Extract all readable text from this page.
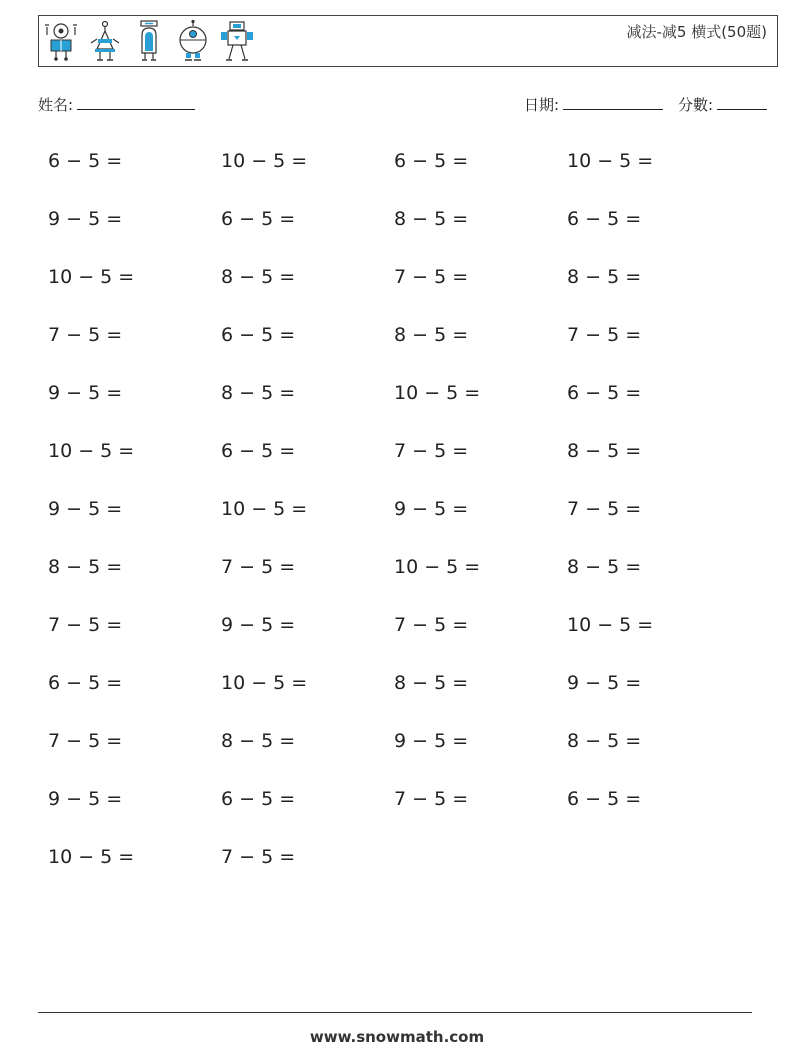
减法-减5 横式(50题)
姓名:	日期:	分數:
6 − 5 =	10 − 5 =	6 − 5 =	10 − 5 =
9 − 5 =	6 − 5 =	8 − 5 =	6 − 5 =
10 − 5 =	8 − 5 =	7 − 5 =	8 − 5 =
7 − 5 =	6 − 5 =	8 − 5 =	7 − 5 =
9 − 5 =	8 − 5 =	10 − 5 =	6 − 5 =
10 − 5 =	6 − 5 =	7 − 5 =	8 − 5 =
9 − 5 =	10 − 5 =	9 − 5 =	7 − 5 =
8 − 5 =	7 − 5 =	10 − 5 =	8 − 5 =
7 − 5 =	9 − 5 =	7 − 5 =	10 − 5 =
6 − 5 =	10 − 5 =	8 − 5 =	9 − 5 =
7 − 5 =	8 − 5 =	9 − 5 =	8 − 5 =
9 − 5 =	6 − 5 =	7 − 5 =	6 − 5 =
10 − 5 =	7 − 5 =
www.snowmath.com
